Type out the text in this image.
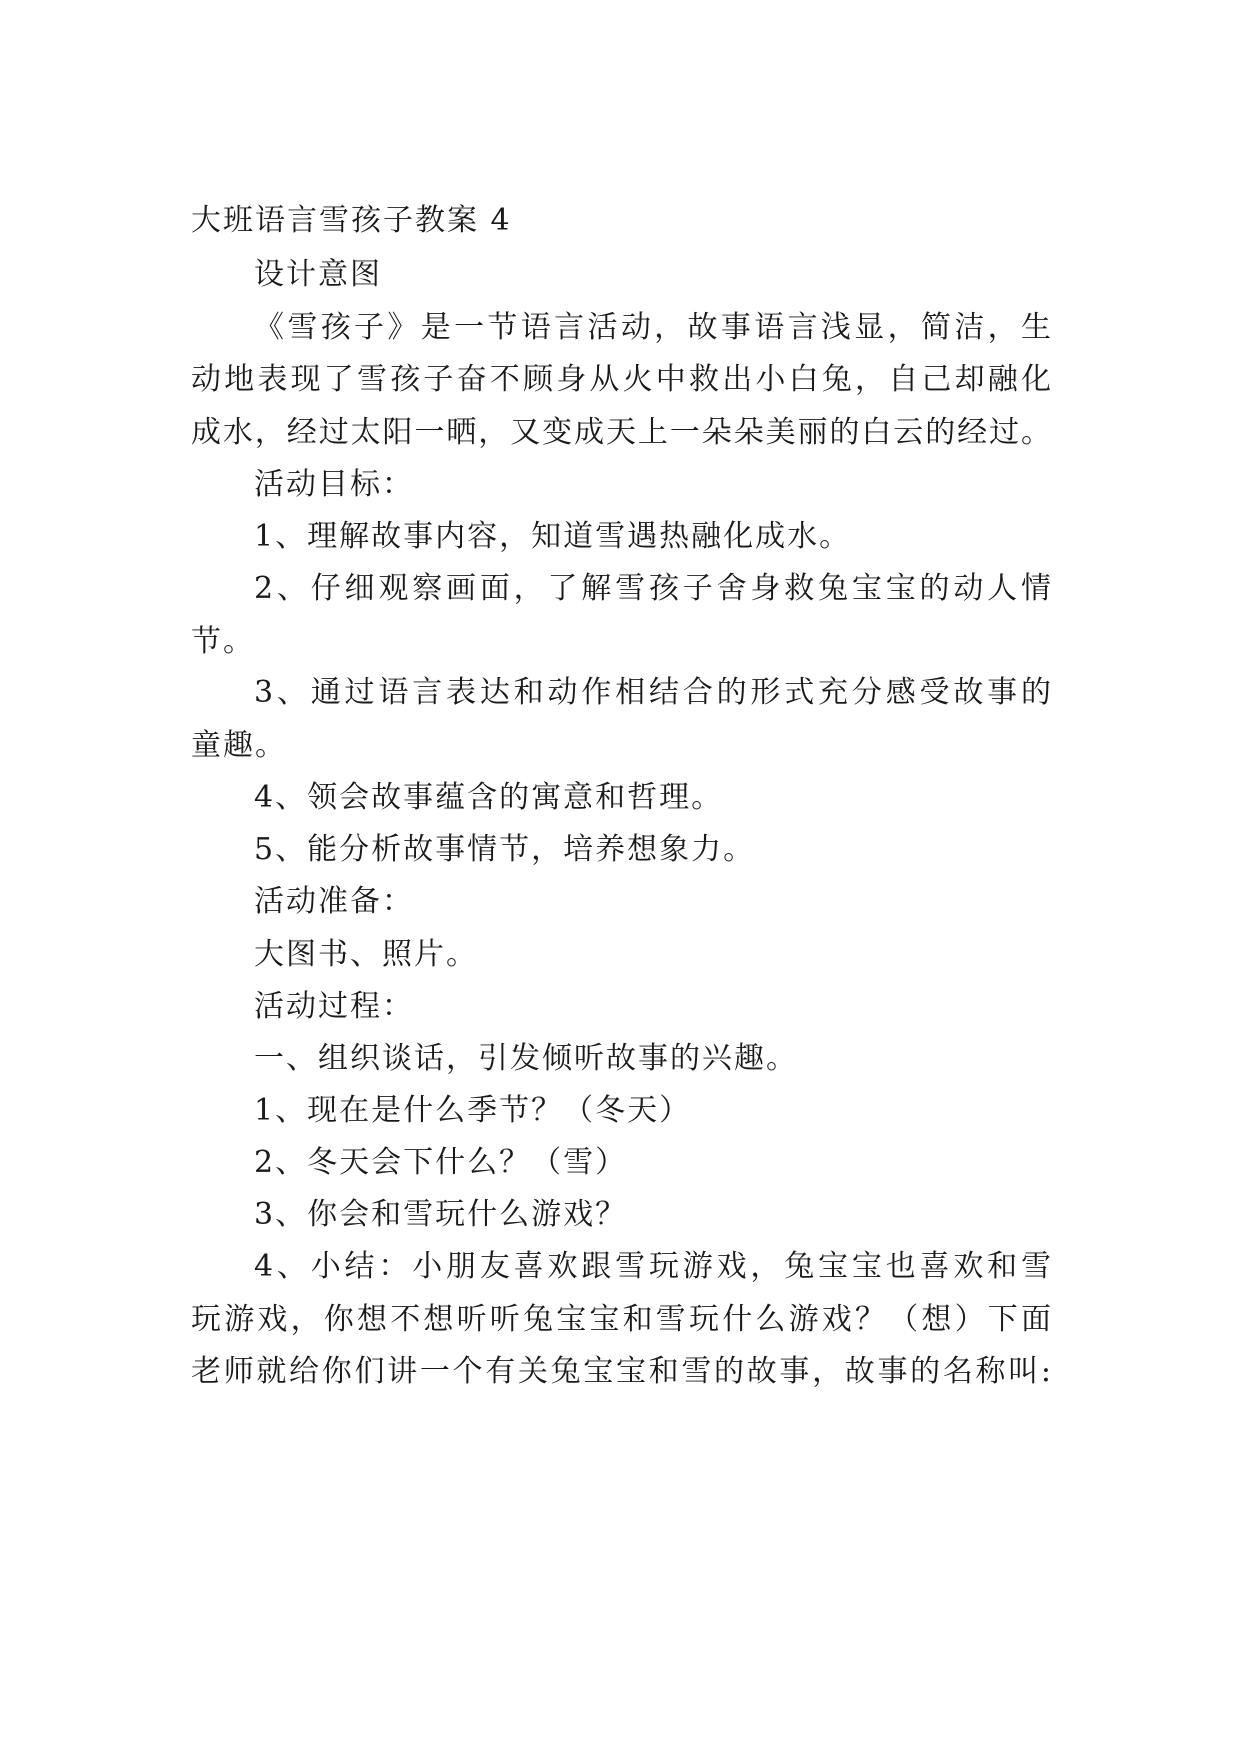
大班语言雪孩子教案 4
设计意图
《雪孩子》是一节语言活动，故事语言浅显，简洁，生
动地表现了雪孩子奋不顾身从火中救出小白兔，自己却融化
成水，经过太阳一晒，又变成天上一朵朵美丽的白云的经过。
活动目标：
1、理解故事内容，知道雪遇热融化成水。
2、仔细观察画面，了解雪孩子舍身救兔宝宝的动人情
节。
3、通过语言表达和动作相结合的形式充分感受故事的
童趣。
4、领会故事蕴含的寓意和哲理。
5、能分析故事情节，培养想象力。
活动准备：
大图书、照片。
活动过程：
一、组织谈话，引发倾听故事的兴趣。
1、现在是什么季节？（冬天）
2、冬天会下什么？（雪）
3、你会和雪玩什么游戏？
4、小结：小朋友喜欢跟雪玩游戏，兔宝宝也喜欢和雪
玩游戏，你想不想听听兔宝宝和雪玩什么游戏？（想）下面
老师就给你们讲一个有关兔宝宝和雪的故事，故事的名称叫:
